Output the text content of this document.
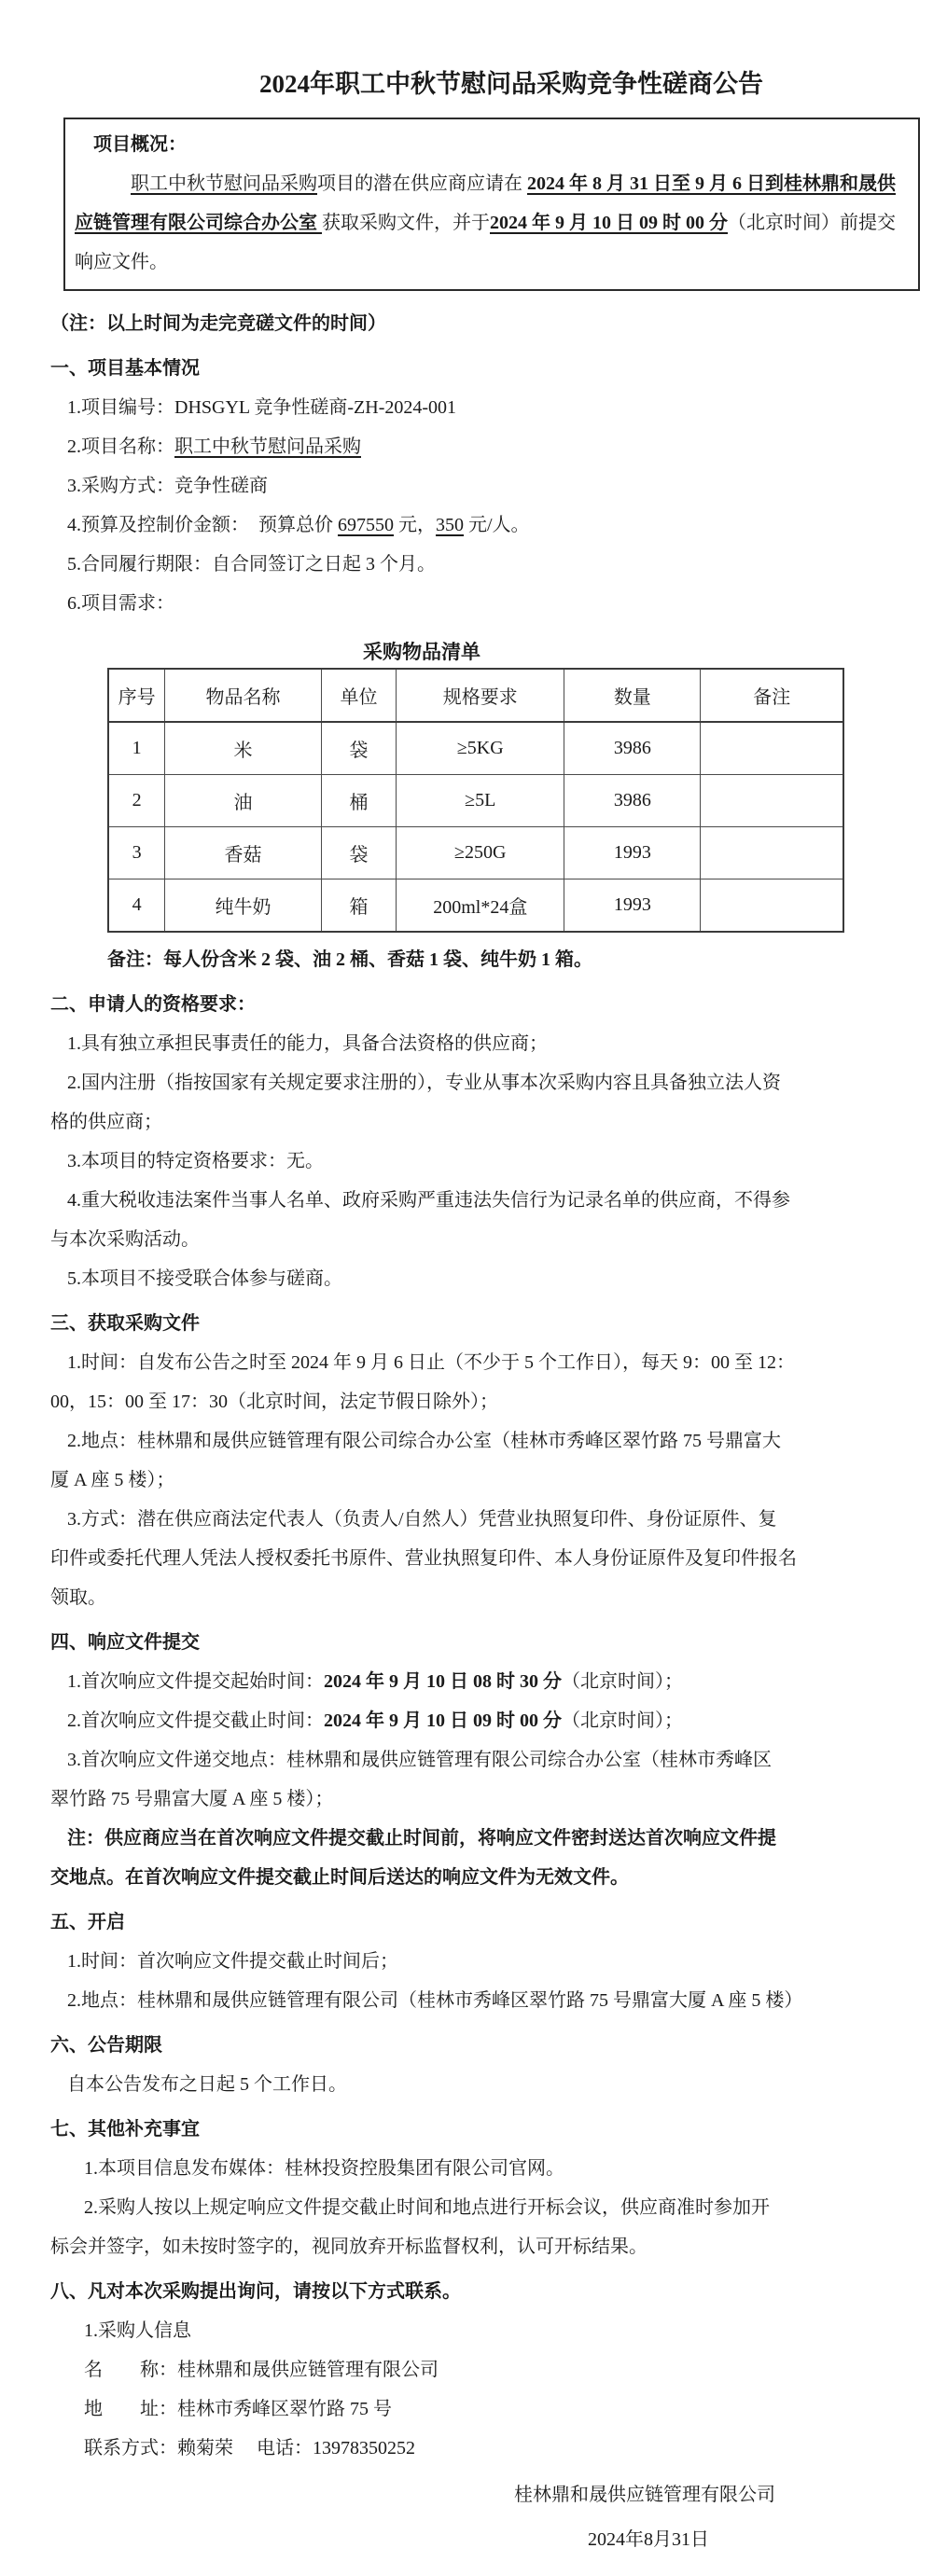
2024年职工中秋节慰问品采购竞争性磋商公告
项目概况：
职工中秋节慰问品采购项目的潜在供应商应请在 2024 年 8 月 31 日至 9 月 6 日到桂林鼎和晟供
应链管理有限公司综合办公室 获取采购文件，并于2024 年 9 月 10 日 09 时 00 分（北京时间）前提交
响应文件。
（注：以上时间为走完竞磋文件的时间）
一、项目基本情况
1.项目编号：DHSGYL 竞争性磋商-ZH-2024-001
2.项目名称：职工中秋节慰问品采购
3.采购方式：竞争性磋商
4.预算及控制价金额：  预算总价 697550 元，350 元/人。
5.合同履行期限：自合同签订之日起 3 个月。
6.项目需求：
采购物品清单
序号	物品名称	单位	规格要求	数量	备注
1	米	袋	≥5KG	3986	
2	油	桶	≥5L	3986	
3	香菇	袋	≥250G	1993	
4	纯牛奶	箱	200ml*24盒	1993	
备注：每人份含米 2 袋、油 2 桶、香菇 1 袋、纯牛奶 1 箱。
二、申请人的资格要求：
1.具有独立承担民事责任的能力，具备合法资格的供应商；
2.国内注册（指按国家有关规定要求注册的），专业从事本次采购内容且具备独立法人资
格的供应商；
3.本项目的特定资格要求：无。
4.重大税收违法案件当事人名单、政府采购严重违法失信行为记录名单的供应商，不得参
与本次采购活动。
5.本项目不接受联合体参与磋商。
三、获取采购文件
1.时间：自发布公告之时至 2024 年 9 月 6 日止（不少于 5 个工作日），每天 9：00 至 12：
00，15：00 至 17：30（北京时间，法定节假日除外）；
2.地点：桂林鼎和晟供应链管理有限公司综合办公室（桂林市秀峰区翠竹路 75 号鼎富大
厦 A 座 5 楼）；
3.方式：潜在供应商法定代表人（负责人/自然人）凭营业执照复印件、身份证原件、复
印件或委托代理人凭法人授权委托书原件、营业执照复印件、本人身份证原件及复印件报名
领取。
四、响应文件提交
1.首次响应文件提交起始时间：2024 年 9 月 10 日 08 时 30 分（北京时间）；
2.首次响应文件提交截止时间：2024 年 9 月 10 日 09 时 00 分（北京时间）；
3.首次响应文件递交地点：桂林鼎和晟供应链管理有限公司综合办公室（桂林市秀峰区
翠竹路 75 号鼎富大厦 A 座 5 楼）；
注：供应商应当在首次响应文件提交截止时间前，将响应文件密封送达首次响应文件提
交地点。在首次响应文件提交截止时间后送达的响应文件为无效文件。
五、开启
1.时间：首次响应文件提交截止时间后；
2.地点：桂林鼎和晟供应链管理有限公司（桂林市秀峰区翠竹路 75 号鼎富大厦 A 座 5 楼）
六、公告期限
自本公告发布之日起 5 个工作日。
七、其他补充事宜
1.本项目信息发布媒体：桂林投资控股集团有限公司官网。
2.采购人按以上规定响应文件提交截止时间和地点进行开标会议，供应商准时参加开
标会并签字，如未按时签字的，视同放弃开标监督权利，认可开标结果。
八、凡对本次采购提出询问，请按以下方式联系。
1.采购人信息
名　　称：桂林鼎和晟供应链管理有限公司
地　　址：桂林市秀峰区翠竹路 75 号
联系方式：赖菊荣　 电话：13978350252
桂林鼎和晟供应链管理有限公司
2024年8月31日
